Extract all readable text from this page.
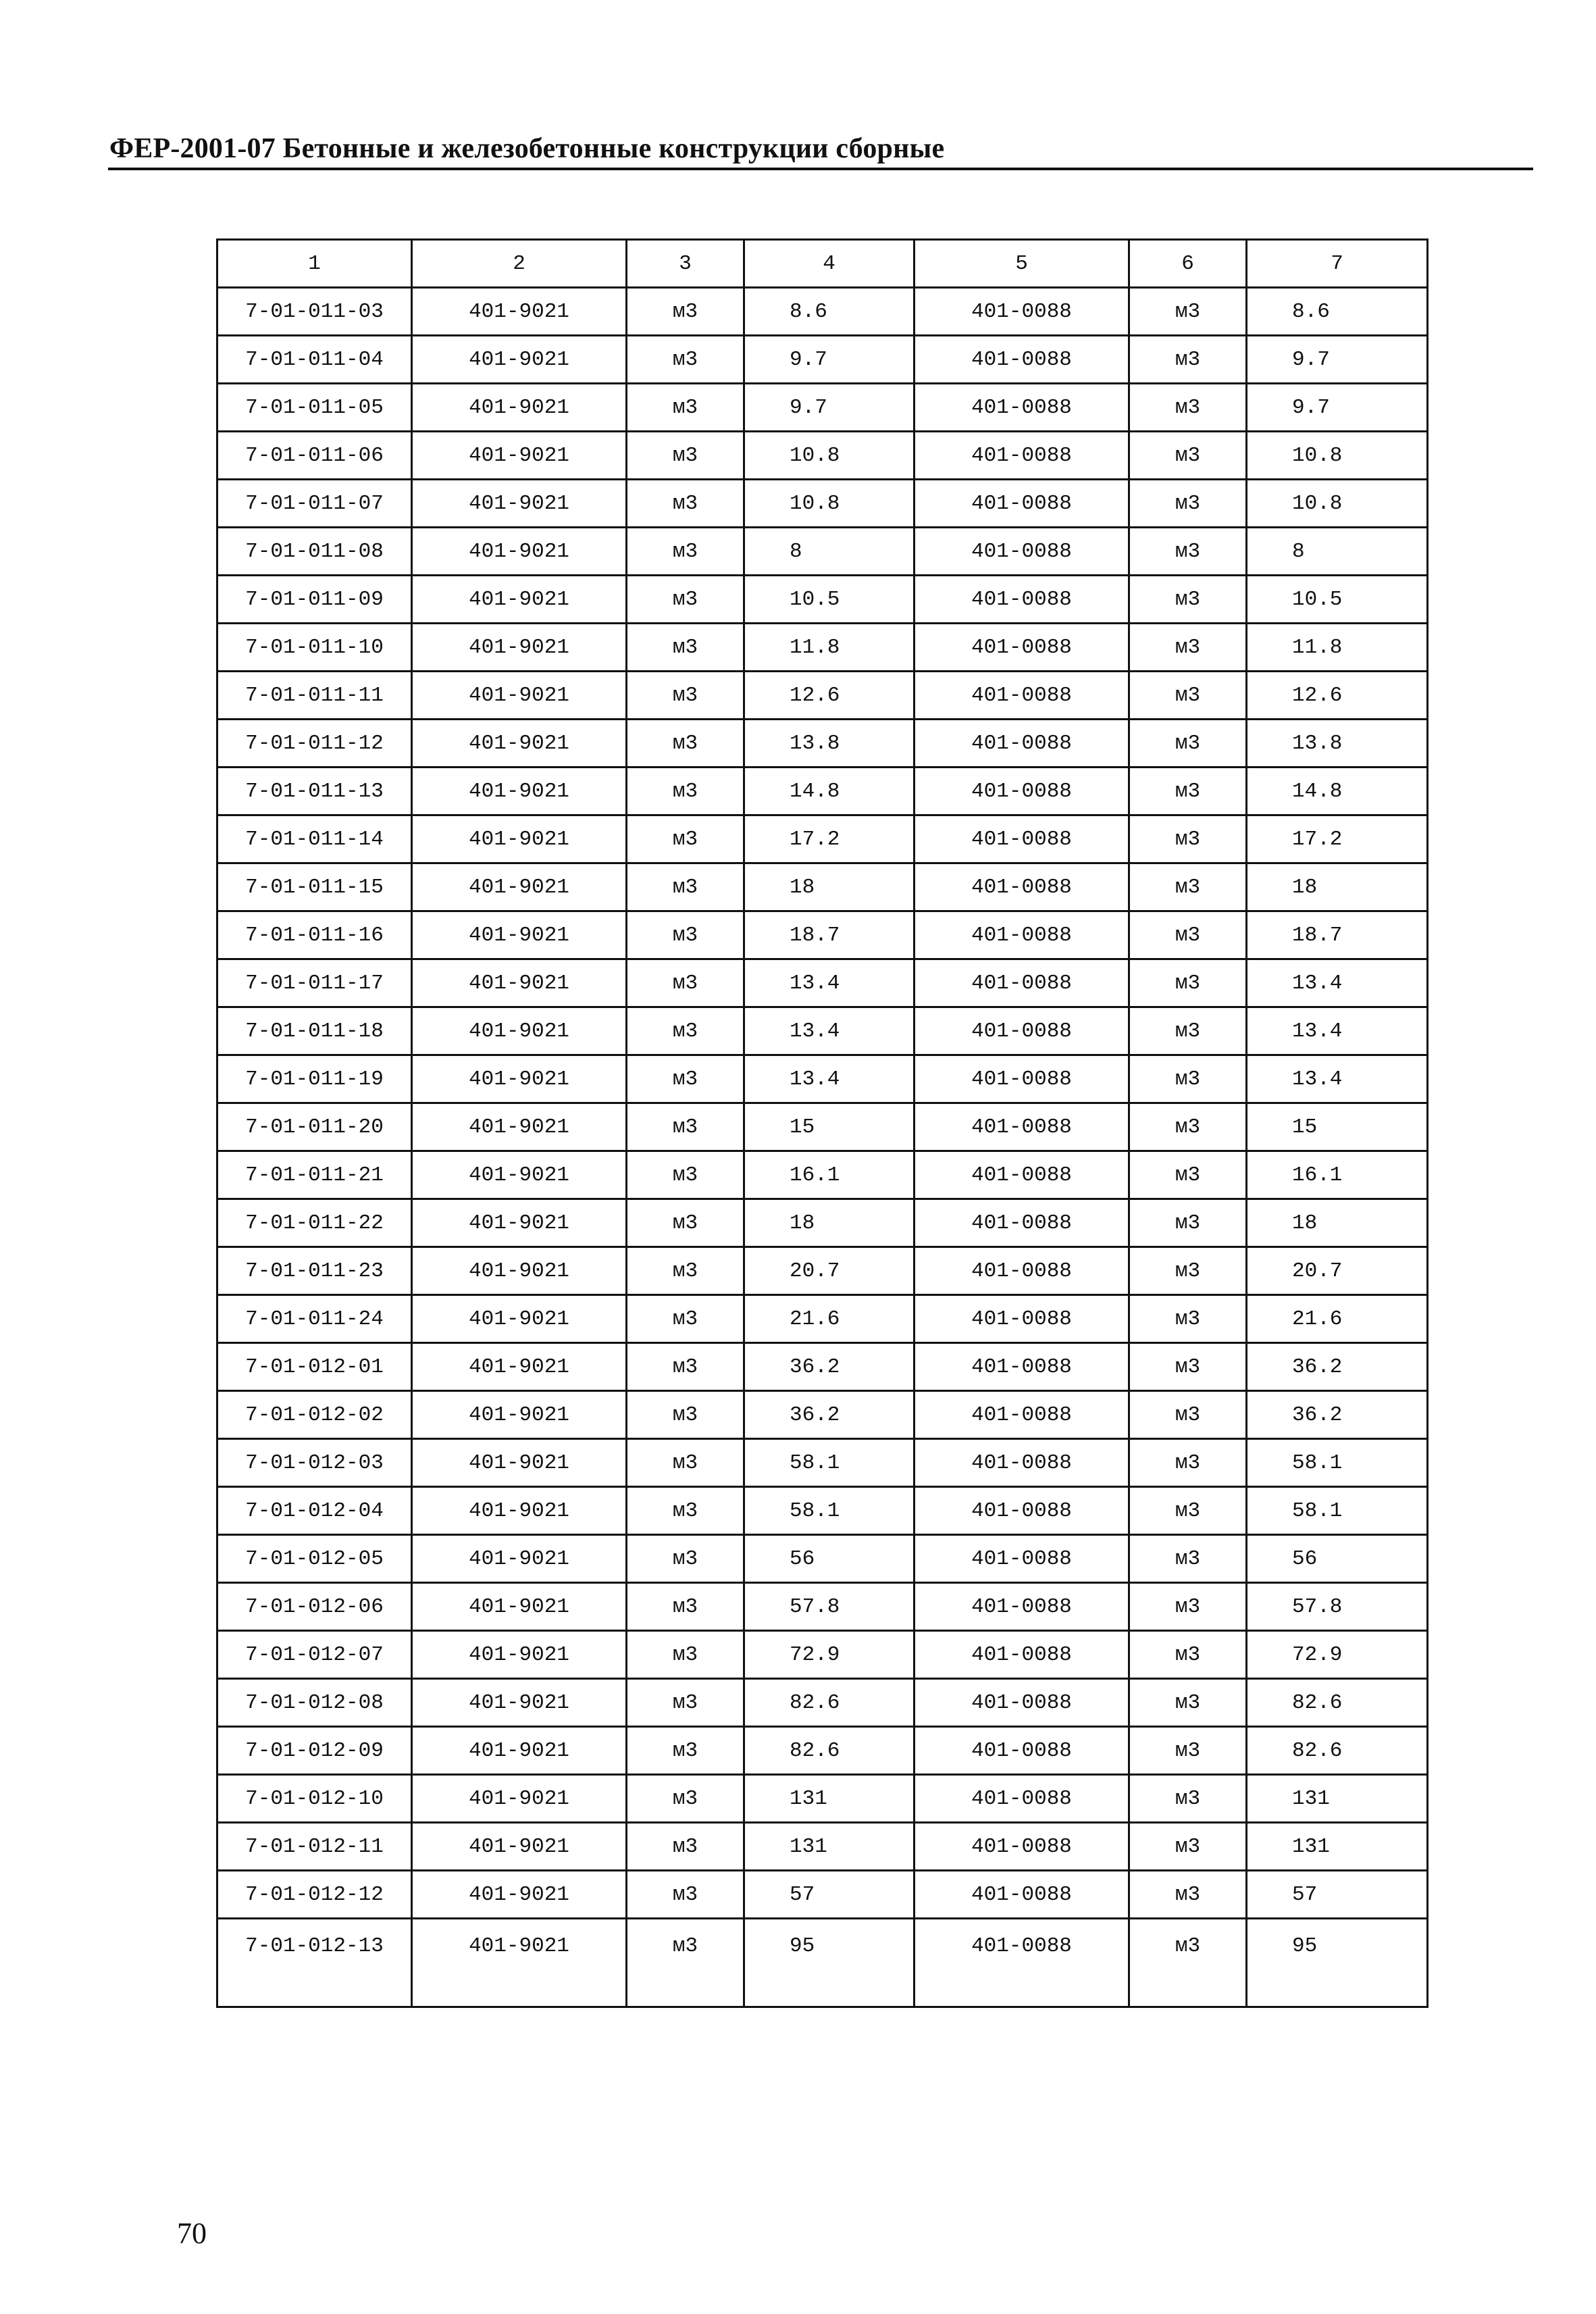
ФЕР-2001-07 Бетонные и железобетонные конструкции сборные
1	2	3	4	5	6	7
7-01-011-03	401-9021	м3	8.6	401-0088	м3	8.6
7-01-011-04	401-9021	м3	9.7	401-0088	м3	9.7
7-01-011-05	401-9021	м3	9.7	401-0088	м3	9.7
7-01-011-06	401-9021	м3	10.8	401-0088	м3	10.8
7-01-011-07	401-9021	м3	10.8	401-0088	м3	10.8
7-01-011-08	401-9021	м3	8	401-0088	м3	8
7-01-011-09	401-9021	м3	10.5	401-0088	м3	10.5
7-01-011-10	401-9021	м3	11.8	401-0088	м3	11.8
7-01-011-11	401-9021	м3	12.6	401-0088	м3	12.6
7-01-011-12	401-9021	м3	13.8	401-0088	м3	13.8
7-01-011-13	401-9021	м3	14.8	401-0088	м3	14.8
7-01-011-14	401-9021	м3	17.2	401-0088	м3	17.2
7-01-011-15	401-9021	м3	18	401-0088	м3	18
7-01-011-16	401-9021	м3	18.7	401-0088	м3	18.7
7-01-011-17	401-9021	м3	13.4	401-0088	м3	13.4
7-01-011-18	401-9021	м3	13.4	401-0088	м3	13.4
7-01-011-19	401-9021	м3	13.4	401-0088	м3	13.4
7-01-011-20	401-9021	м3	15	401-0088	м3	15
7-01-011-21	401-9021	м3	16.1	401-0088	м3	16.1
7-01-011-22	401-9021	м3	18	401-0088	м3	18
7-01-011-23	401-9021	м3	20.7	401-0088	м3	20.7
7-01-011-24	401-9021	м3	21.6	401-0088	м3	21.6
7-01-012-01	401-9021	м3	36.2	401-0088	м3	36.2
7-01-012-02	401-9021	м3	36.2	401-0088	м3	36.2
7-01-012-03	401-9021	м3	58.1	401-0088	м3	58.1
7-01-012-04	401-9021	м3	58.1	401-0088	м3	58.1
7-01-012-05	401-9021	м3	56	401-0088	м3	56
7-01-012-06	401-9021	м3	57.8	401-0088	м3	57.8
7-01-012-07	401-9021	м3	72.9	401-0088	м3	72.9
7-01-012-08	401-9021	м3	82.6	401-0088	м3	82.6
7-01-012-09	401-9021	м3	82.6	401-0088	м3	82.6
7-01-012-10	401-9021	м3	131	401-0088	м3	131
7-01-012-11	401-9021	м3	131	401-0088	м3	131
7-01-012-12	401-9021	м3	57	401-0088	м3	57
7-01-012-13	401-9021	м3	95	401-0088	м3	95
70
